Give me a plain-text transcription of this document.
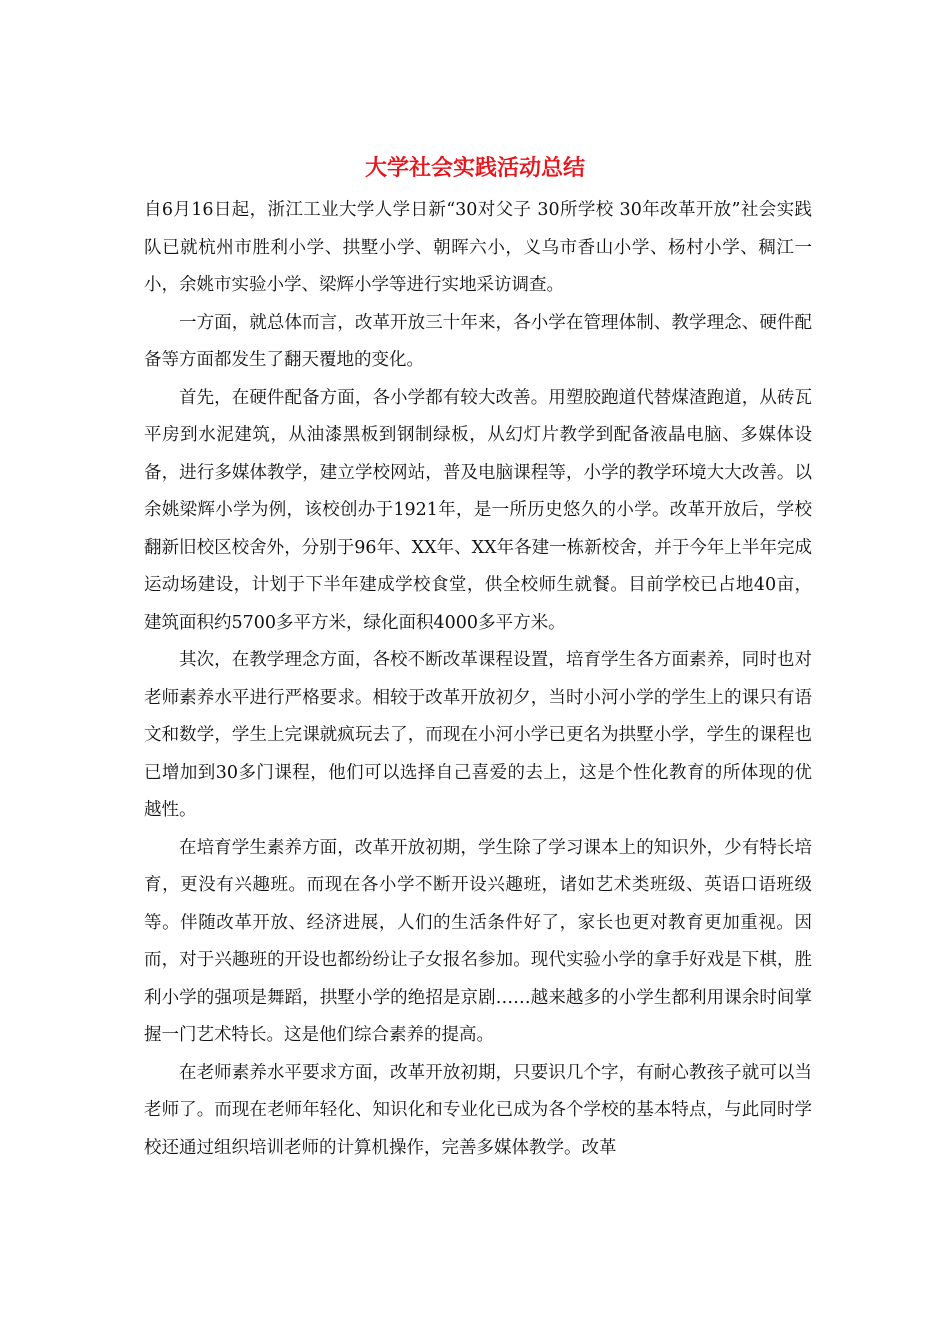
大学社会实践活动总结

自6月16日起，浙江工业大学人学日新“30对父子 30所学校 30年改革开放”社会实践队已就杭州市胜利小学、拱墅小学、朝晖六小，义乌市香山小学、杨村小学、稠江一小，余姚市实验小学、梁辉小学等进行实地采访调查。

一方面，就总体而言，改革开放三十年来，各小学在管理体制、教学理念、硬件配备等方面都发生了翻天覆地的变化。

首先，在硬件配备方面，各小学都有较大改善。用塑胶跑道代替煤渣跑道，从砖瓦平房到水泥建筑，从油漆黑板到钢制绿板，从幻灯片教学到配备液晶电脑、多媒体设备，进行多媒体教学，建立学校网站，普及电脑课程等，小学的教学环境大大改善。以余姚梁辉小学为例，该校创办于1921年，是一所历史悠久的小学。改革开放后，学校翻新旧校区校舍外，分别于96年、XX年、XX年各建一栋新校舍，并于今年上半年完成运动场建设，计划于下半年建成学校食堂，供全校师生就餐。目前学校已占地40亩，建筑面积约5700多平方米，绿化面积4000多平方米。

其次，在教学理念方面，各校不断改革课程设置，培育学生各方面素养，同时也对老师素养水平进行严格要求。相较于改革开放初夕，当时小河小学的学生上的课只有语文和数学，学生上完课就疯玩去了，而现在小河小学已更名为拱墅小学，学生的课程也已增加到30多门课程，他们可以选择自己喜爱的去上，这是个性化教育的所体现的优越性。

在培育学生素养方面，改革开放初期，学生除了学习课本上的知识外，少有特长培育，更没有兴趣班。而现在各小学不断开设兴趣班，诸如艺术类班级、英语口语班级等。伴随改革开放、经济进展，人们的生活条件好了，家长也更对教育更加重视。因而，对于兴趣班的开设也都纷纷让子女报名参加。现代实验小学的拿手好戏是下棋，胜利小学的强项是舞蹈，拱墅小学的绝招是京剧……越来越多的小学生都利用课余时间掌握一门艺术特长。这是他们综合素养的提高。

在老师素养水平要求方面，改革开放初期，只要识几个字，有耐心教孩子就可以当老师了。而现在老师年轻化、知识化和专业化已成为各个学校的基本特点，与此同时学校还通过组织培训老师的计算机操作，完善多媒体教学。改革
